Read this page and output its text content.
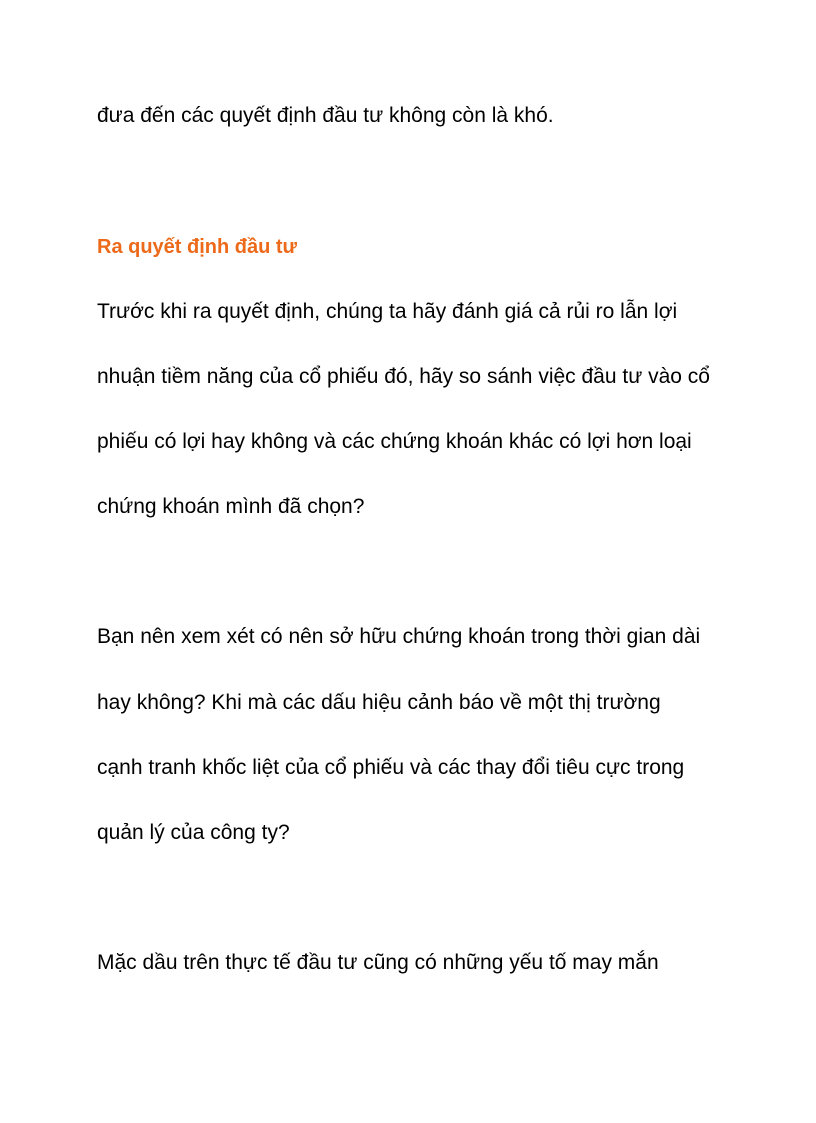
đưa đến các quyết định đầu tư không còn là khó.
Ra quyết định đầu tư
Trước khi ra quyết định, chúng ta hãy đánh giá cả rủi ro lẫn lợi
nhuận tiềm năng của cổ phiếu đó, hãy so sánh việc đầu tư vào cổ
phiếu có lợi hay không và các chứng khoán khác có lợi hơn loại
chứng khoán mình đã chọn?
Bạn nên xem xét có nên sở hữu chứng khoán trong thời gian dài
hay không? Khi mà các dấu hiệu cảnh báo về một thị trường
cạnh tranh khốc liệt của cổ phiếu và các thay đổi tiêu cực trong
quản lý của công ty?
Mặc dầu trên thực tế đầu tư cũng có những yếu tố may mắn
